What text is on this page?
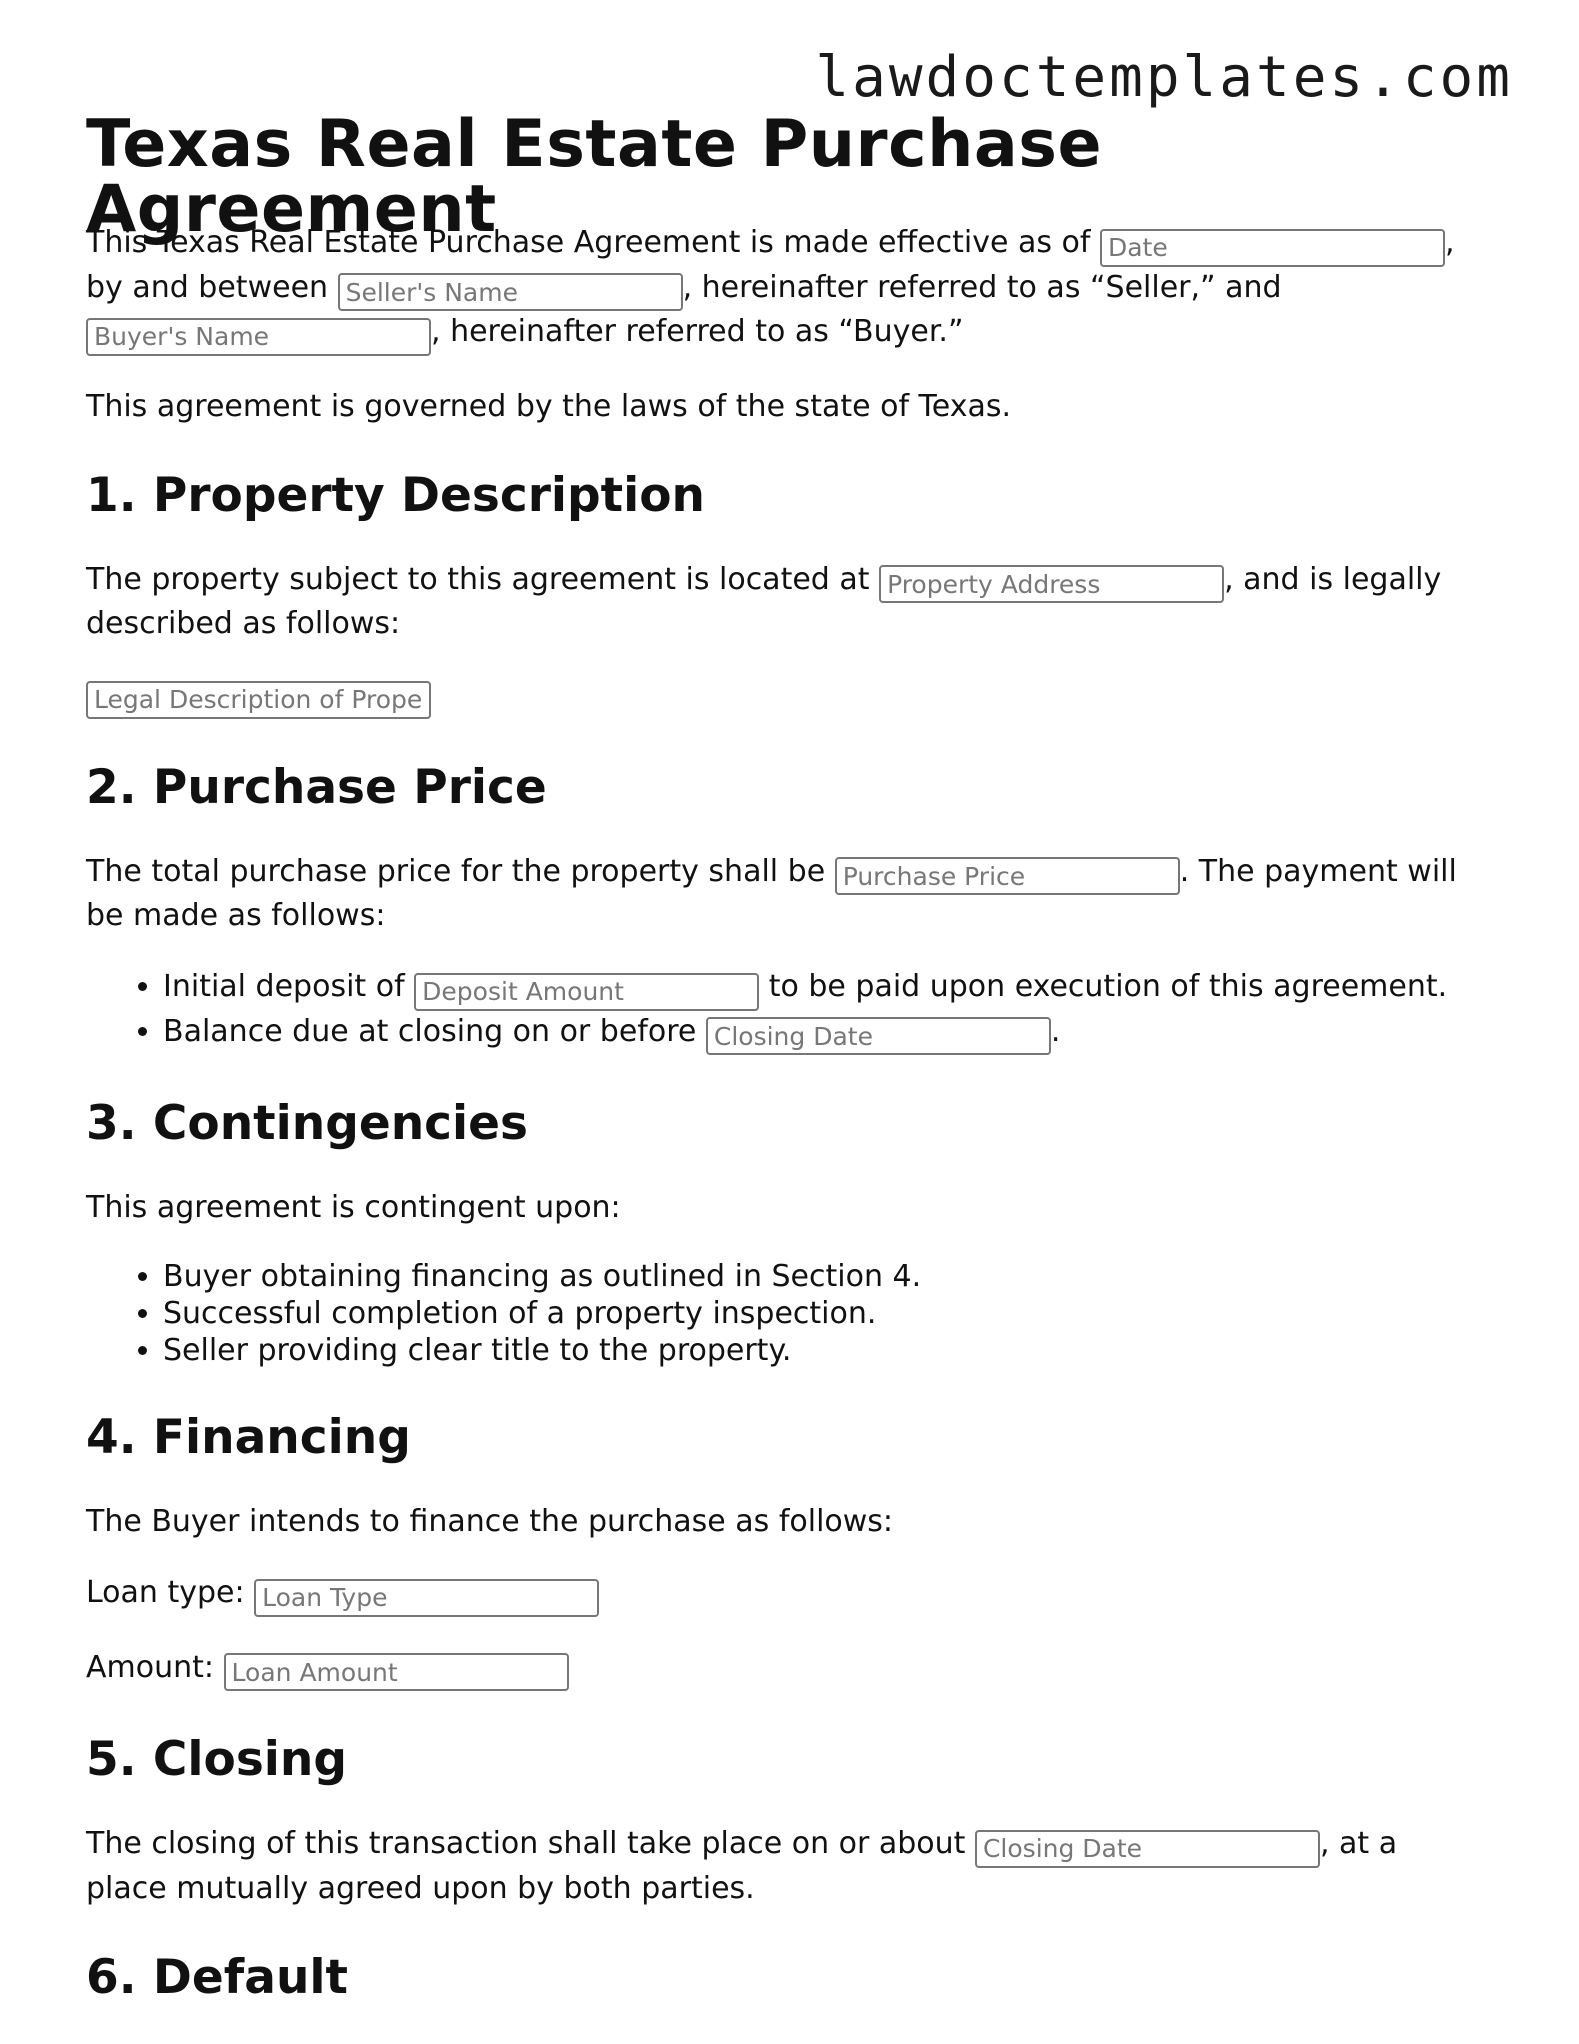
lawdoctemplates.com
Texas Real Estate Purchase Agreement

This Texas Real Estate Purchase Agreement is made effective as of Date	, by and between Seller's Name	, hereinafter referred to as “Seller,” and Buyer's Name, hereinafter referred to as “Buyer.”

This agreement is governed by the laws of the state of Texas.

1. Property Description

The property subject to this agreement is located at Property Address	, and is legally described as follows:

Legal Description of Property

2. Purchase Price

The total purchase price for the property shall be Purchase Price	. The payment will be made as follows:

• Initial deposit of Deposit Amount	to be paid upon execution of this agreement.
• Balance due at closing on or before Closing Date	.
3. Contingencies

This agreement is contingent upon:

• Buyer obtaining financing as outlined in Section 4.
• Successful completion of a property inspection.
• Seller providing clear title to the property.
4. Financing

The Buyer intends to finance the purchase as follows:

Loan type: Loan Type

Amount: Loan Amount

5. Closing

The closing of this transaction shall take place on or about Closing Date	, at a place mutually agreed upon by both parties.

6. Default
